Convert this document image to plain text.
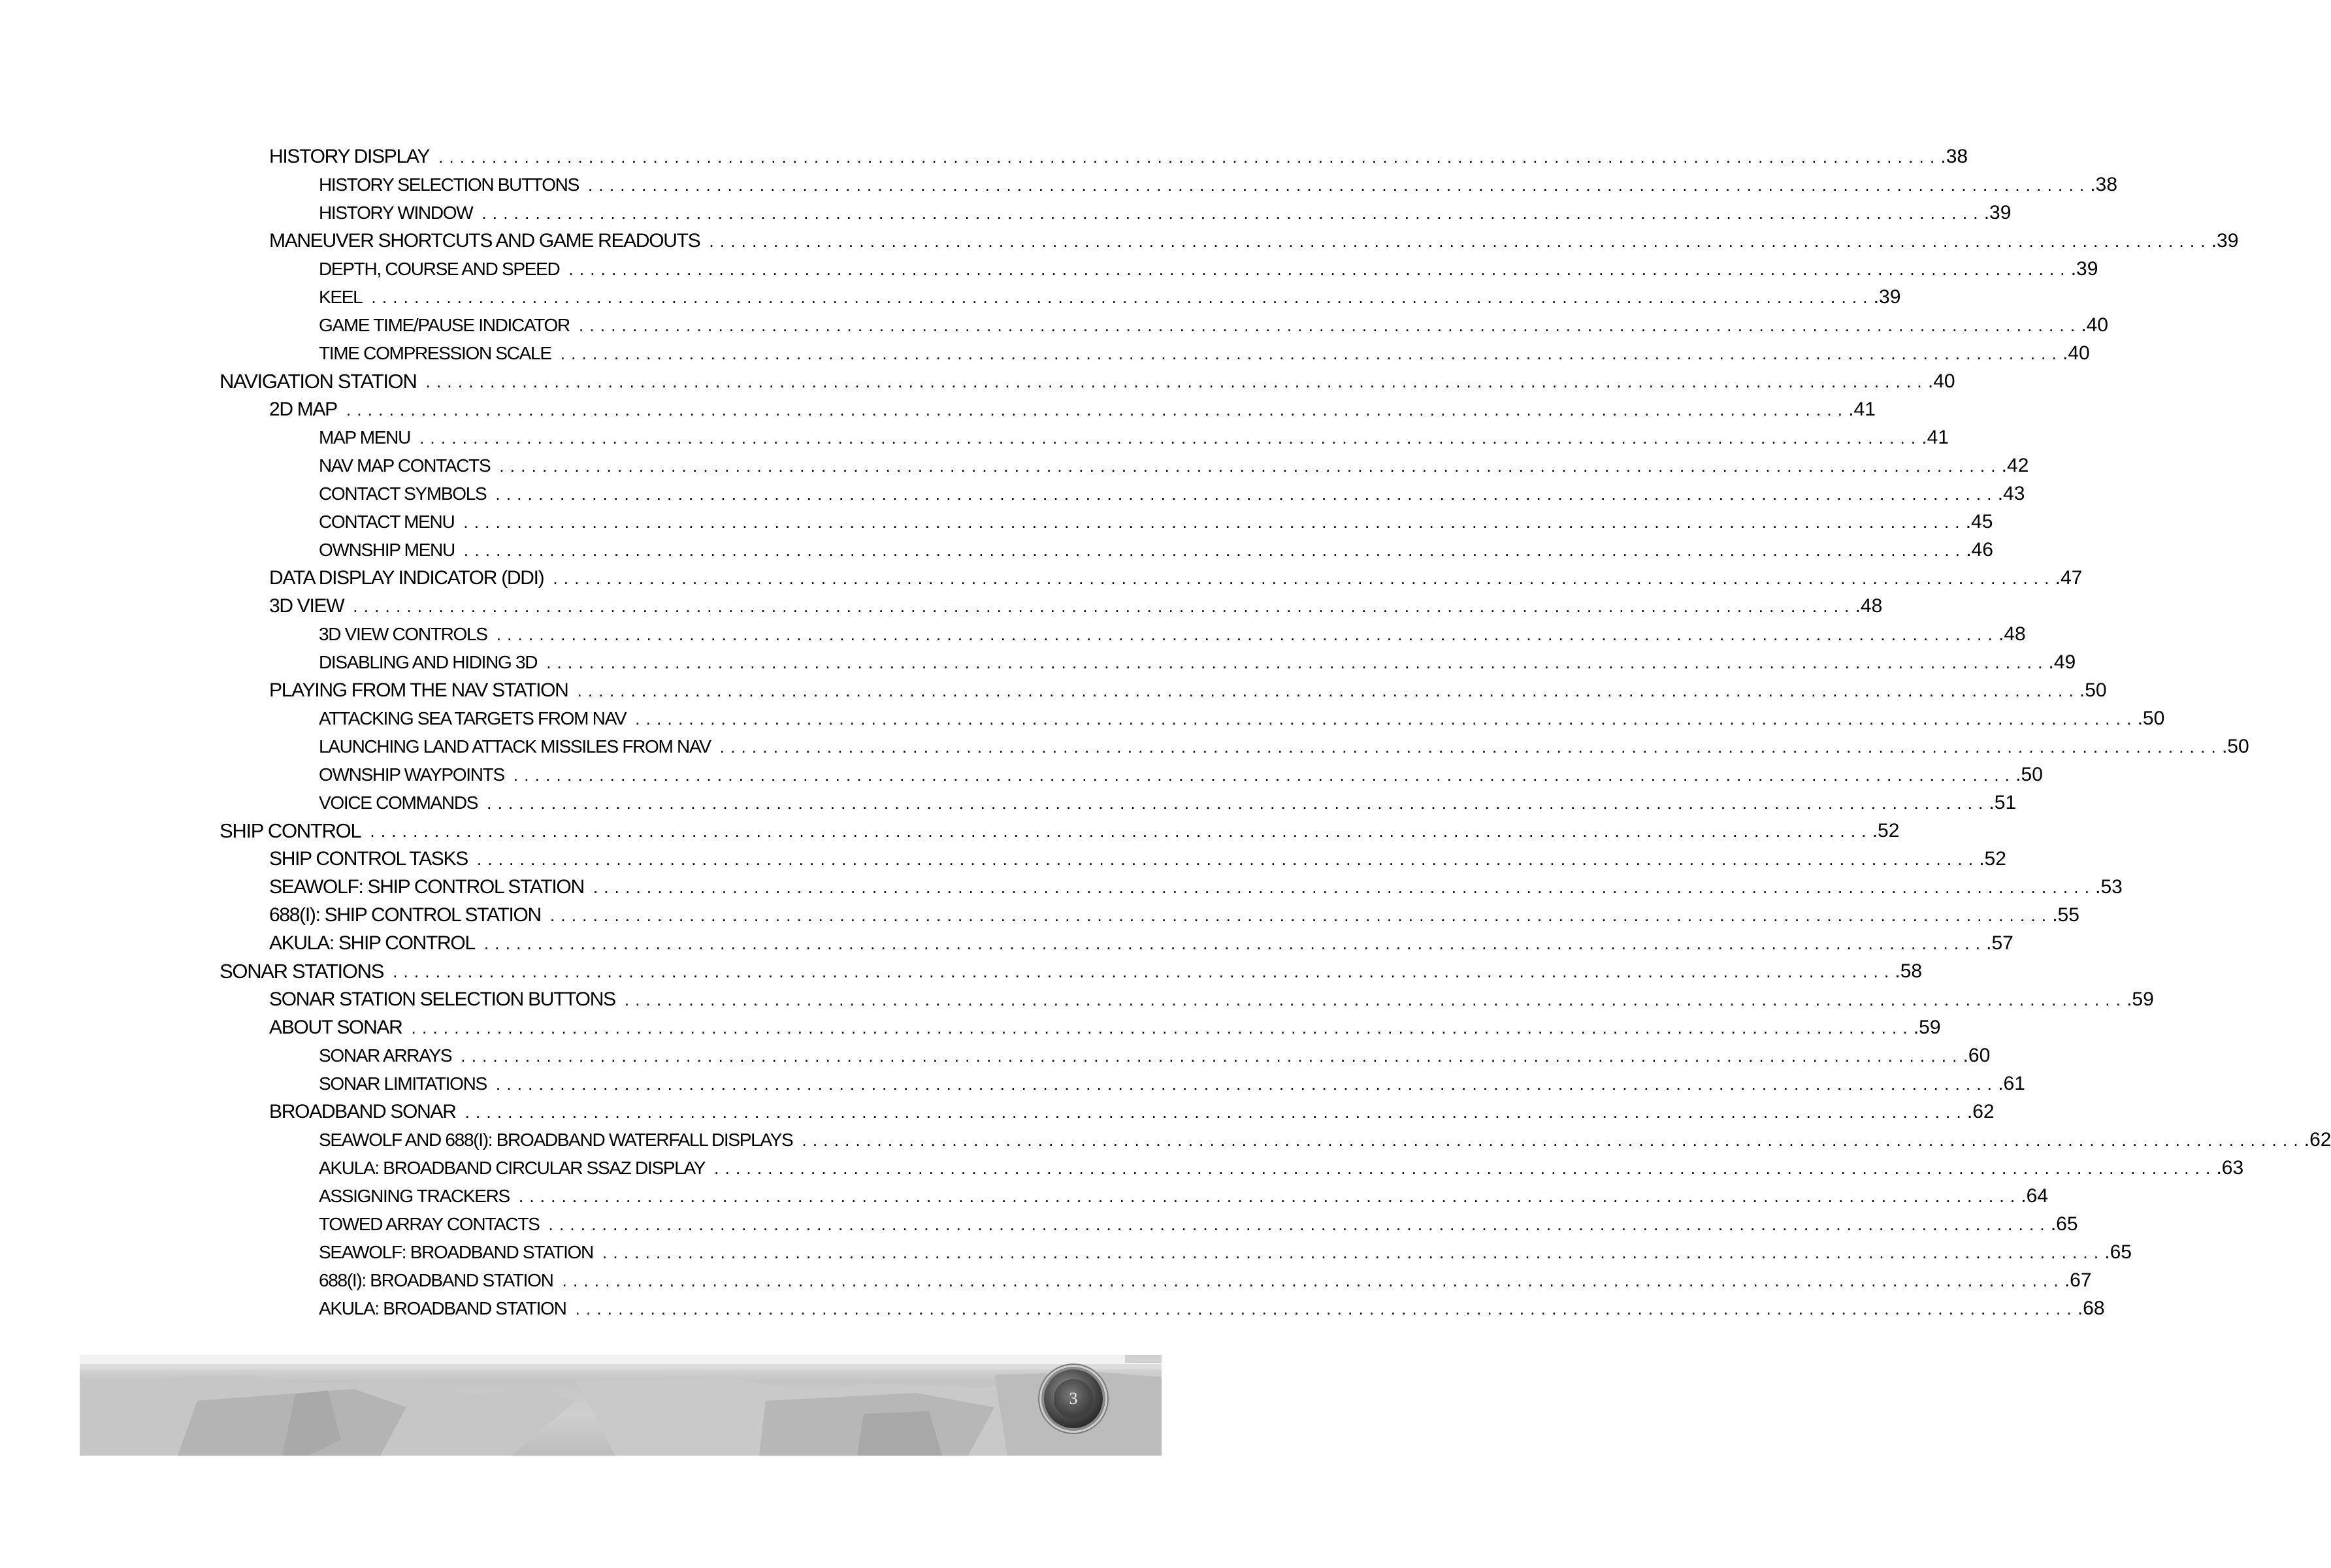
HISTORY DISPLAY ............................................................................................................................................ .38
HISTORY SELECTION BUTTONS ............................................................................................................................................ .38
HISTORY WINDOW ............................................................................................................................................ .39
MANEUVER SHORTCUTS AND GAME READOUTS ............................................................................................................................................ .39
DEPTH, COURSE AND SPEED ............................................................................................................................................ .39
KEEL ............................................................................................................................................ .39
GAME TIME/PAUSE INDICATOR ............................................................................................................................................ .40
TIME COMPRESSION SCALE ............................................................................................................................................ .40
NAVIGATION STATION ............................................................................................................................................ .40
2D MAP ............................................................................................................................................ .41
MAP MENU ............................................................................................................................................ .41
NAV MAP CONTACTS ............................................................................................................................................ .42
CONTACT SYMBOLS ............................................................................................................................................ .43
CONTACT MENU ............................................................................................................................................ .45
OWNSHIP MENU ............................................................................................................................................ .46
DATA DISPLAY INDICATOR (DDI) ............................................................................................................................................ .47
3D VIEW ............................................................................................................................................ .48
3D VIEW CONTROLS ............................................................................................................................................ .48
DISABLING AND HIDING 3D ............................................................................................................................................ .49
PLAYING FROM THE NAV STATION ............................................................................................................................................ .50
ATTACKING SEA TARGETS FROM NAV ............................................................................................................................................ .50
LAUNCHING LAND ATTACK MISSILES FROM NAV ............................................................................................................................................ .50
OWNSHIP WAYPOINTS ............................................................................................................................................ .50
VOICE COMMANDS ............................................................................................................................................ .51
SHIP CONTROL ............................................................................................................................................ .52
SHIP CONTROL TASKS ............................................................................................................................................ .52
SEAWOLF: SHIP CONTROL STATION ............................................................................................................................................ .53
688(I): SHIP CONTROL STATION ............................................................................................................................................ .55
AKULA: SHIP CONTROL ............................................................................................................................................ .57
SONAR STATIONS ............................................................................................................................................ .58
SONAR STATION SELECTION BUTTONS ............................................................................................................................................ .59
ABOUT SONAR ............................................................................................................................................ .59
SONAR ARRAYS ............................................................................................................................................ .60
SONAR LIMITATIONS ............................................................................................................................................ .61
BROADBAND SONAR ............................................................................................................................................ .62
SEAWOLF AND 688(I): BROADBAND WATERFALL DISPLAYS ............................................................................................................................................ .62
AKULA: BROADBAND CIRCULAR SSAZ DISPLAY ............................................................................................................................................ .63
ASSIGNING TRACKERS ............................................................................................................................................ .64
TOWED ARRAY CONTACTS ............................................................................................................................................ .65
SEAWOLF: BROADBAND STATION ............................................................................................................................................ .65
688(I): BROADBAND STATION ............................................................................................................................................ .67
AKULA: BROADBAND STATION ............................................................................................................................................ .68
3
